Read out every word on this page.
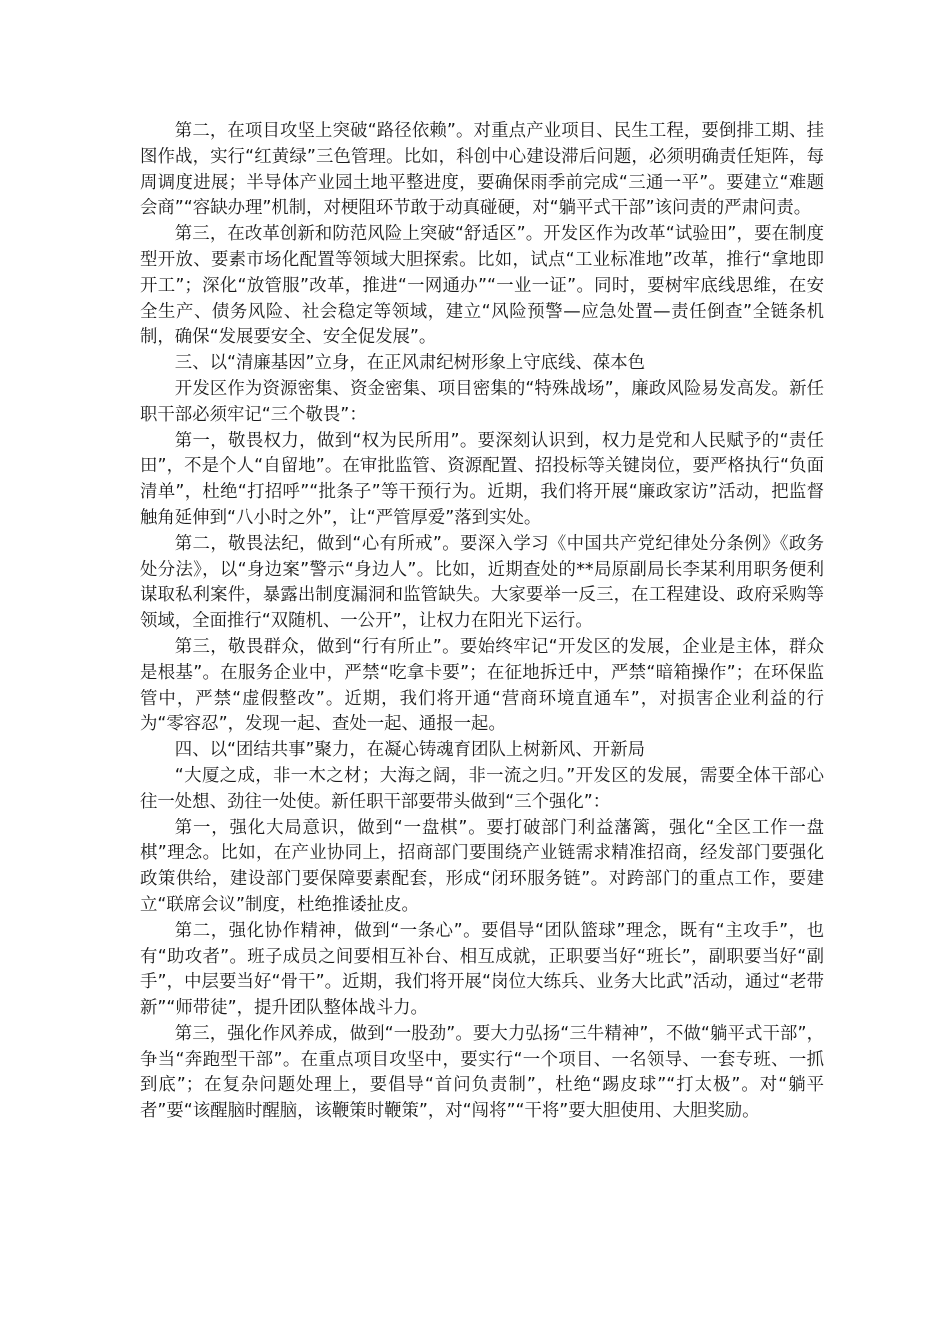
第二，在项目攻坚上突破“路径依赖”。对重点产业项目、民生工程，要倒排工期、挂图作战，实行“红黄绿”三色管理。比如，科创中心建设滞后问题，必须明确责任矩阵，每周调度进展；半导体产业园土地平整进度，要确保雨季前完成“三通一平”。要建立“难题会商”“容缺办理”机制，对梗阻环节敢于动真碰硬，对“躺平式干部”该问责的严肃问责。

第三，在改革创新和防范风险上突破“舒适区”。开发区作为改革“试验田”，要在制度型开放、要素市场化配置等领域大胆探索。比如，试点“工业标准地”改革，推行“拿地即开工”；深化“放管服”改革，推进“一网通办”“一业一证”。同时，要树牢底线思维，在安全生产、债务风险、社会稳定等领域，建立“风险预警—应急处置—责任倒查”全链条机制，确保“发展要安全、安全促发展”。

三、以“清廉基因”立身，在正风肃纪树形象上守底线、葆本色

开发区作为资源密集、资金密集、项目密集的“特殊战场”，廉政风险易发高发。新任职干部必须牢记“三个敬畏”：

第一，敬畏权力，做到“权为民所用”。要深刻认识到，权力是党和人民赋予的“责任田”，不是个人“自留地”。在审批监管、资源配置、招投标等关键岗位，要严格执行“负面清单”，杜绝“打招呼”“批条子”等干预行为。近期，我们将开展“廉政家访”活动，把监督触角延伸到“八小时之外”，让“严管厚爱”落到实处。

第二，敬畏法纪，做到“心有所戒”。要深入学习《中国共产党纪律处分条例》《政务处分法》，以“身边案”警示“身边人”。比如，近期查处的**局原副局长李某利用职务便利谋取私利案件，暴露出制度漏洞和监管缺失。大家要举一反三，在工程建设、政府采购等领域，全面推行“双随机、一公开”，让权力在阳光下运行。

第三，敬畏群众，做到“行有所止”。要始终牢记“开发区的发展，企业是主体，群众是根基”。在服务企业中，严禁“吃拿卡要”；在征地拆迁中，严禁“暗箱操作”；在环保监管中，严禁“虚假整改”。近期，我们将开通“营商环境直通车”，对损害企业利益的行为“零容忍”，发现一起、查处一起、通报一起。

四、以“团结共事”聚力，在凝心铸魂育团队上树新风、开新局

“大厦之成，非一木之材；大海之阔，非一流之归。”开发区的发展，需要全体干部心往一处想、劲往一处使。新任职干部要带头做到“三个强化”：

第一，强化大局意识，做到“一盘棋”。要打破部门利益藩篱，强化“全区工作一盘棋”理念。比如，在产业协同上，招商部门要围绕产业链需求精准招商，经发部门要强化政策供给，建设部门要保障要素配套，形成“闭环服务链”。对跨部门的重点工作，要建立“联席会议”制度，杜绝推诿扯皮。

第二，强化协作精神，做到“一条心”。要倡导“团队篮球”理念，既有“主攻手”，也有“助攻者”。班子成员之间要相互补台、相互成就，正职要当好“班长”，副职要当好“副手”，中层要当好“骨干”。近期，我们将开展“岗位大练兵、业务大比武”活动，通过“老带新”“师带徒”，提升团队整体战斗力。

第三，强化作风养成，做到“一股劲”。要大力弘扬“三牛精神”，不做“躺平式干部”，争当“奔跑型干部”。在重点项目攻坚中，要实行“一个项目、一名领导、一套专班、一抓到底”；在复杂问题处理上，要倡导“首问负责制”，杜绝“踢皮球”“打太极”。对“躺平者”要“该醒脑时醒脑，该鞭策时鞭策”，对“闯将”“干将”要大胆使用、大胆奖励。
